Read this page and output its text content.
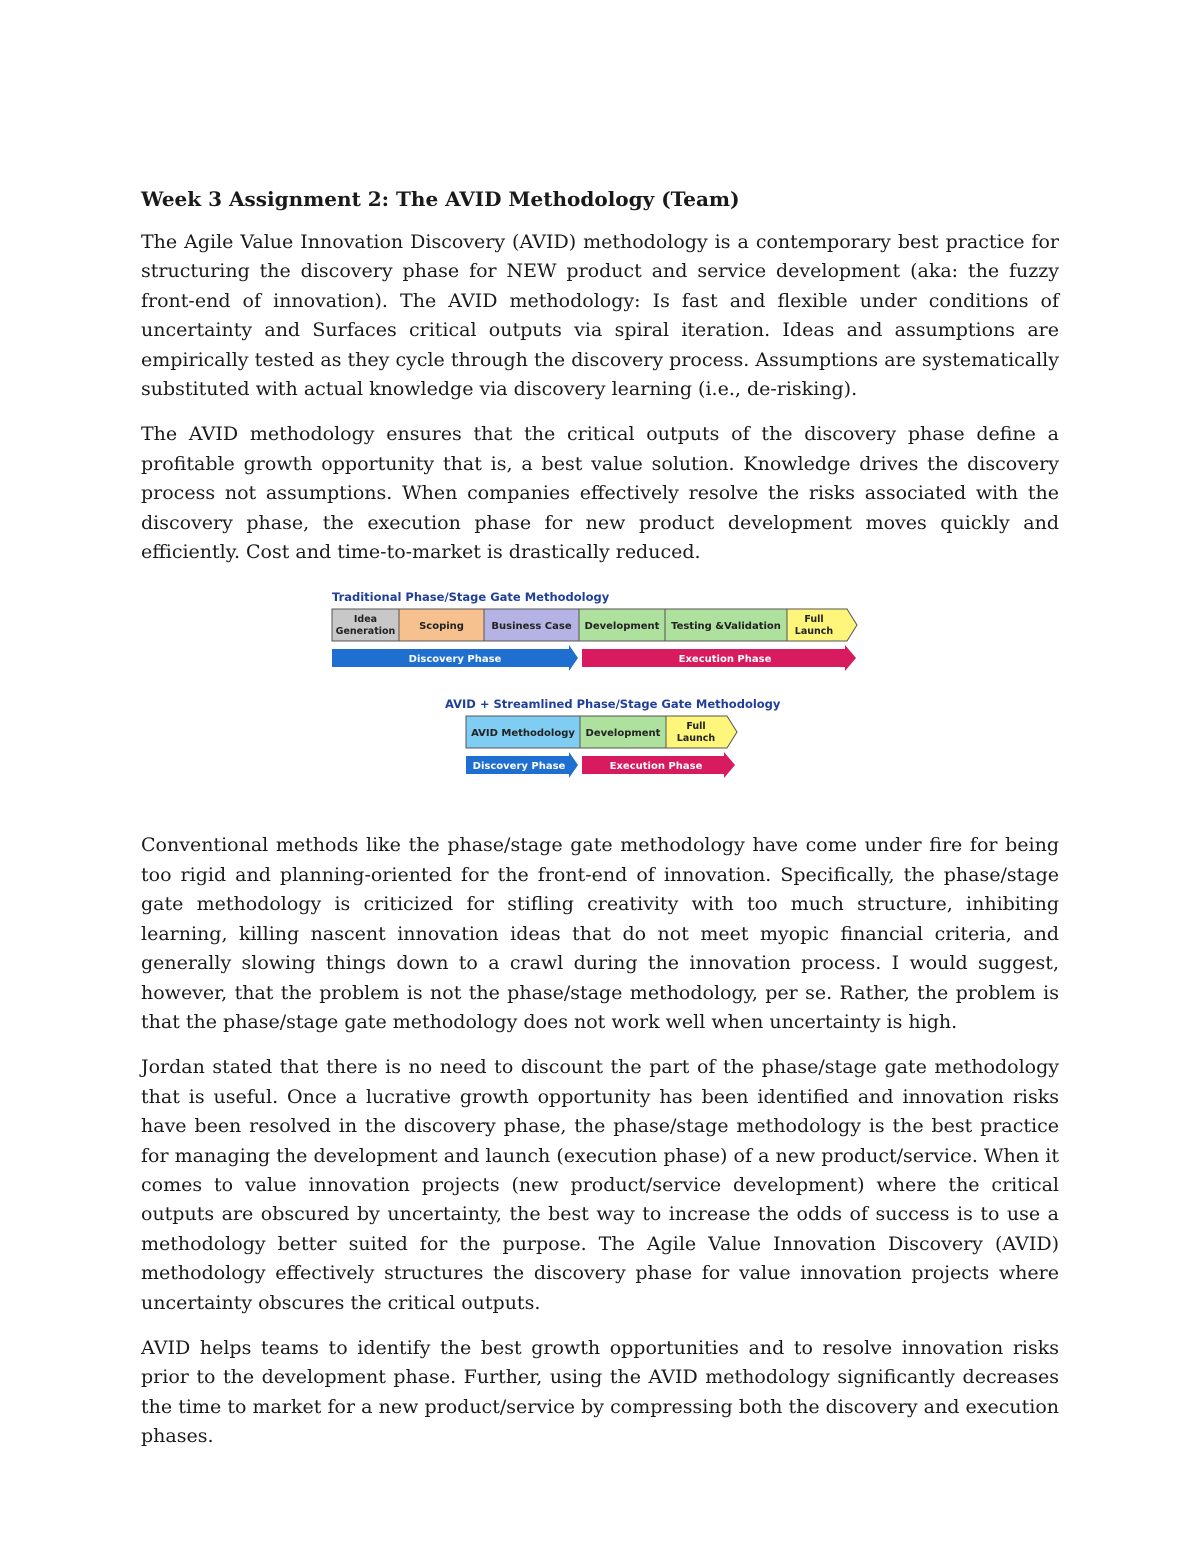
Week 3 Assignment 2: The AVID Methodology (Team)

The Agile Value Innovation Discovery (AVID) methodology is a contemporary best practice for structuring the discovery phase for NEW product and service development (aka: the fuzzy front-end of innovation). The AVID methodology: Is fast and flexible under conditions of uncertainty and Surfaces critical outputs via spiral iteration. Ideas and assumptions are empirically tested as they cycle through the discovery process. Assumptions are systematically substituted with actual knowledge via discovery learning (i.e., de-risking).

The AVID methodology ensures that the critical outputs of the discovery phase define a profitable growth opportunity that is, a best value solution. Knowledge drives the discovery process not assumptions. When companies effectively resolve the risks associated with the discovery phase, the execution phase for new product development moves quickly and efficiently. Cost and time-to-market is drastically reduced.

Traditional Phase/Stage Gate Methodology
Idea
Generation Scoping	Business Case Development Testing &Validation
Full
Launch
Discovery Phase	Execution Phase
AVID + Streamlined Phase/Stage Gate Methodology
AVID Methodology Development
Full
Launch
Discovery Phase	Execution Phase

Conventional methods like the phase/stage gate methodology have come under fire for being too rigid and planning-oriented for the front-end of innovation. Specifically, the phase/stage gate methodology is criticized for stifling creativity with too much structure, inhibiting learning, killing nascent innovation ideas that do not meet myopic financial criteria, and generally slowing things down to a crawl during the innovation process. I would suggest, however, that the problem is not the phase/stage methodology, per se. Rather, the problem is that the phase/stage gate methodology does not work well when uncertainty is high.

Jordan stated that there is no need to discount the part of the phase/stage gate methodology that is useful. Once a lucrative growth opportunity has been identified and innovation risks have been resolved in the discovery phase, the phase/stage methodology is the best practice for managing the development and launch (execution phase) of a new product/service. When it comes to value innovation projects (new product/service development) where the critical outputs are obscured by uncertainty, the best way to increase the odds of success is to use a methodology better suited for the purpose. The Agile Value Innovation Discovery (AVID) methodology effectively structures the discovery phase for value innovation projects where uncertainty obscures the critical outputs.

AVID helps teams to identify the best growth opportunities and to resolve innovation risks prior to the development phase. Further, using the AVID methodology significantly decreases the time to market for a new product/service by compressing both the discovery and execution phases.
